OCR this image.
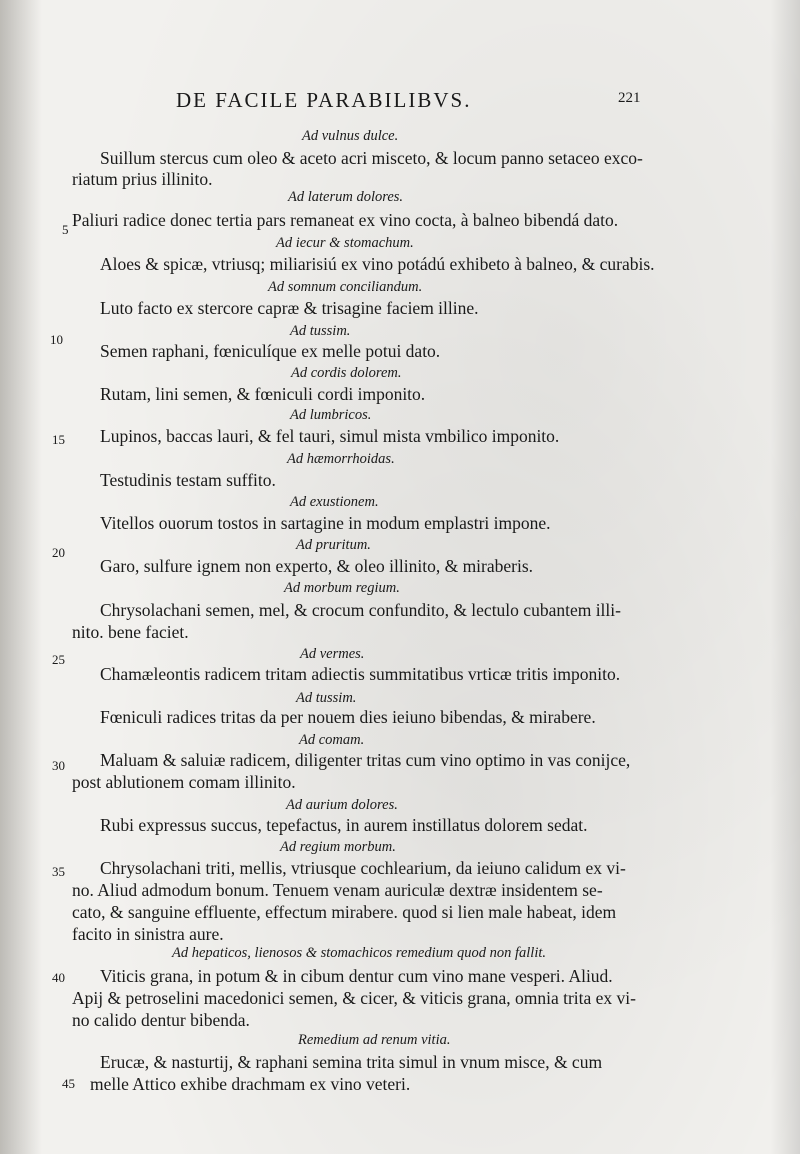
DE FACILE PARABILIBVS.	221
Ad vulnus dulce.
Ad laterum dolores.
Ad iecur & stomachum.
Ad somnum conciliandum.
Ad tussim.
Ad cordis dolorem.
Ad lumbricos.
Ad hæmorrhoidas.
Ad exustionem.
Ad pruritum.
Ad morbum regium.
Ad vermes.
Ad tussim.
Ad comam.
Ad aurium dolores.
Ad regium morbum.
Ad hepaticos, lienosos & stomachicos remedium quod non fallit.
Remedium ad renum vitia.
Suillum stercus cum oleo & aceto acri misceto, & locum panno setaceo exco-
riatum prius illinito.
Paliuri radice donec tertia pars remaneat ex vino cocta, à balneo bibendá dato.
Aloes & spicæ, vtriusq; miliarisiú ex vino potádú exhibeto à balneo, & curabis.
Luto facto ex stercore capræ & trisagine faciem illine.
Semen raphani, fœniculíque ex melle potui dato.
Rutam, lini semen, & fœniculi cordi imponito.
Lupinos, baccas lauri, & fel tauri, simul mista vmbilico imponito.
Testudinis testam suffito.
Vitellos ouorum tostos in sartagine in modum emplastri impone.
Garo, sulfure ignem non experto, & oleo illinito, & miraberis.
Chrysolachani semen, mel, & crocum confundito, & lectulo cubantem illi-
nito. bene faciet.
Chamæleontis radicem tritam adiectis summitatibus vrticæ tritis imponito.
Fœniculi radices tritas da per nouem dies ieiuno bibendas, & mirabere.
Maluam & saluiæ radicem, diligenter tritas cum vino optimo in vas conijce,
post ablutionem comam illinito.
Rubi expressus succus, tepefactus, in aurem instillatus dolorem sedat.
Chrysolachani triti, mellis, vtriusque cochlearium, da ieiuno calidum ex vi-
no. Aliud admodum bonum. Tenuem venam auriculæ dextræ insidentem se-
cato, & sanguine effluente, effectum mirabere. quod si lien male habeat, idem
facito in sinistra aure.
Viticis grana, in potum & in cibum dentur cum vino mane vesperi. Aliud.
Apij & petroselini macedonici semen, & cicer, & viticis grana, omnia trita ex vi-
no calido dentur bibenda.
Erucæ, & nasturtij, & raphani semina trita simul in vnum misce, & cum
melle Attico exhibe drachmam ex vino veteri.
5
10
15
20
25
30
35
40
45
